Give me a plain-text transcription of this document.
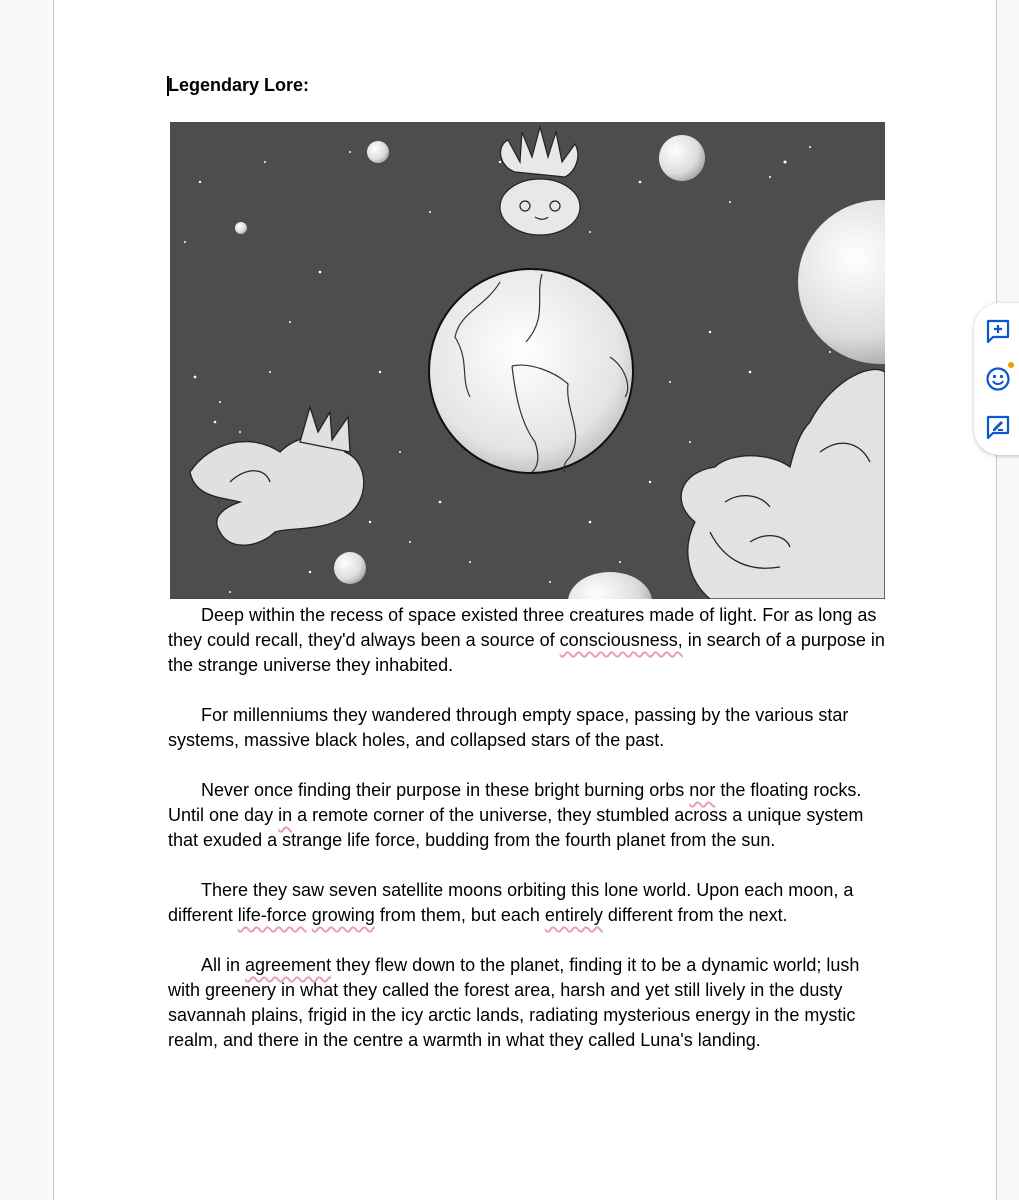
Legendary Lore:

Deep within the recess of space existed three creatures made of light. For as long as they could recall, they'd always been a source of consciousness, in search of a purpose in the strange universe they inhabited.

For millenniums they wandered through empty space, passing by the various star systems, massive black holes, and collapsed stars of the past.

Never once finding their purpose in these bright burning orbs nor the floating rocks. Until one day in a remote corner of the universe, they stumbled across a unique system that exuded a strange life force, budding from the fourth planet from the sun.

There they saw seven satellite moons orbiting this lone world. Upon each moon, a different life-force growing from them, but each entirely different from the next.

All in agreement they flew down to the planet, finding it to be a dynamic world; lush with greenery in what they called the forest area, harsh and yet still lively in the dusty savannah plains, frigid in the icy arctic lands, radiating mysterious energy in the mystic realm, and there in the centre a warmth in what they called Luna's landing.
